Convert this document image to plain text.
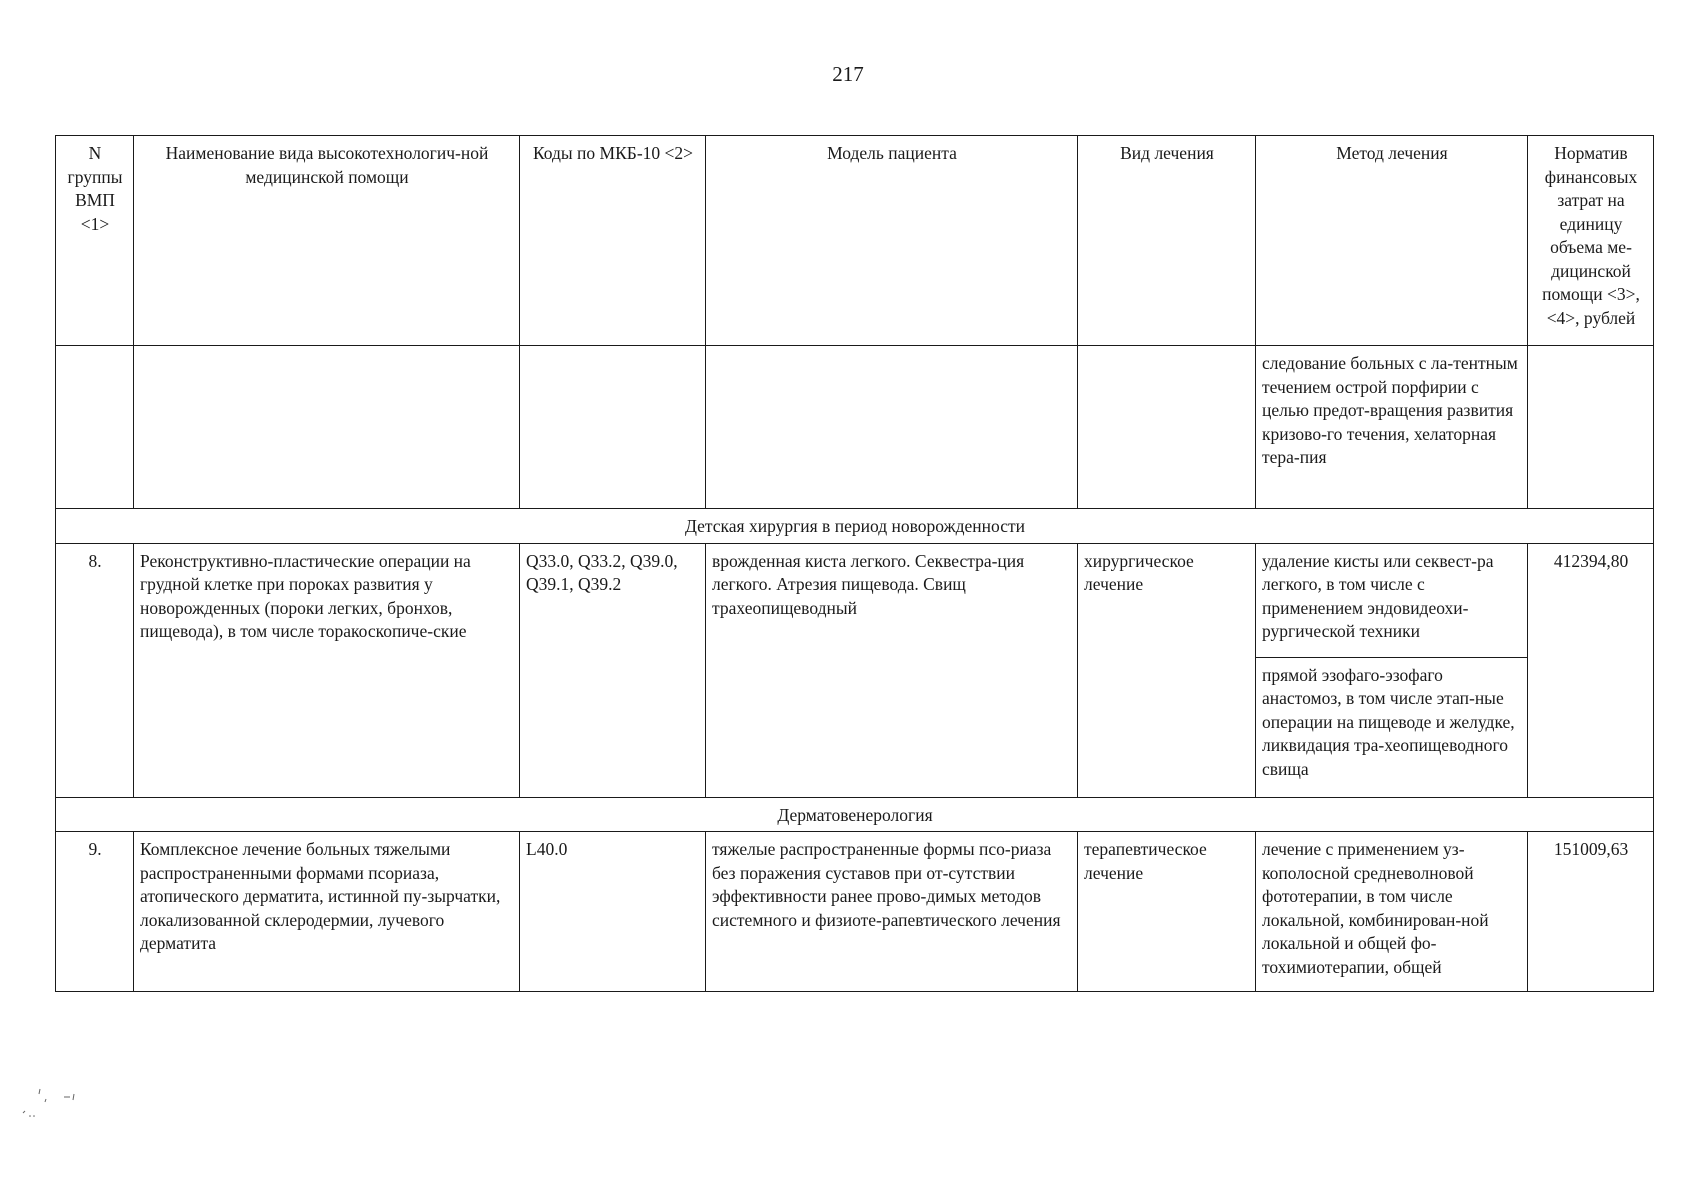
217
N группы ВМП <1>	Наименование вида высокотехнологич-ной медицинской помощи	Коды по МКБ-10 <2>	Модель пациента	Вид лечения	Метод лечения	Норматив финансовых затрат на единицу объема ме-дицинской помощи <3>, <4>, рублей
					следование больных с ла-тентным течением острой порфирии с целью предот-вращения развития кризово-го течения, хелаторная тера-пия	
Детская хирургия в период новорожденности						
8.	Реконструктивно-пластические операции на грудной клетке при пороках развития у новорожденных (пороки легких, бронхов, пищевода), в том числе торакоскопиче-ские	Q33.0, Q33.2, Q39.0, Q39.1, Q39.2	врожденная киста легкого. Секвестра-ция легкого. Атрезия пищевода. Свищ трахеопищеводный	хирургическое лечение	удаление кисты или секвест-ра легкого, в том числе с применением эндовидеохи-рургической техники	412394,80
					прямой эзофаго-эзофаго анастомоз, в том числе этап-ные операции на пищеводе и желудке, ликвидация тра-хеопищеводного свища	
Дерматовенерология						
9.	Комплексное лечение больных тяжелыми распространенными формами псориаза, атопического дерматита, истинной пу-зырчатки, локализованной склеродермии, лучевого дерматита	L40.0	тяжелые распространенные формы псо-риаза без поражения суставов при от-сутствии эффективности ранее прово-димых методов системного и физиоте-рапевтического лечения	терапевтическое лечение	лечение с применением уз-кополосной средневолновой фототерапии, в том числе локальной, комбинирован-ной локальной и общей фо-тохимиотерапии, общей	151009,63
